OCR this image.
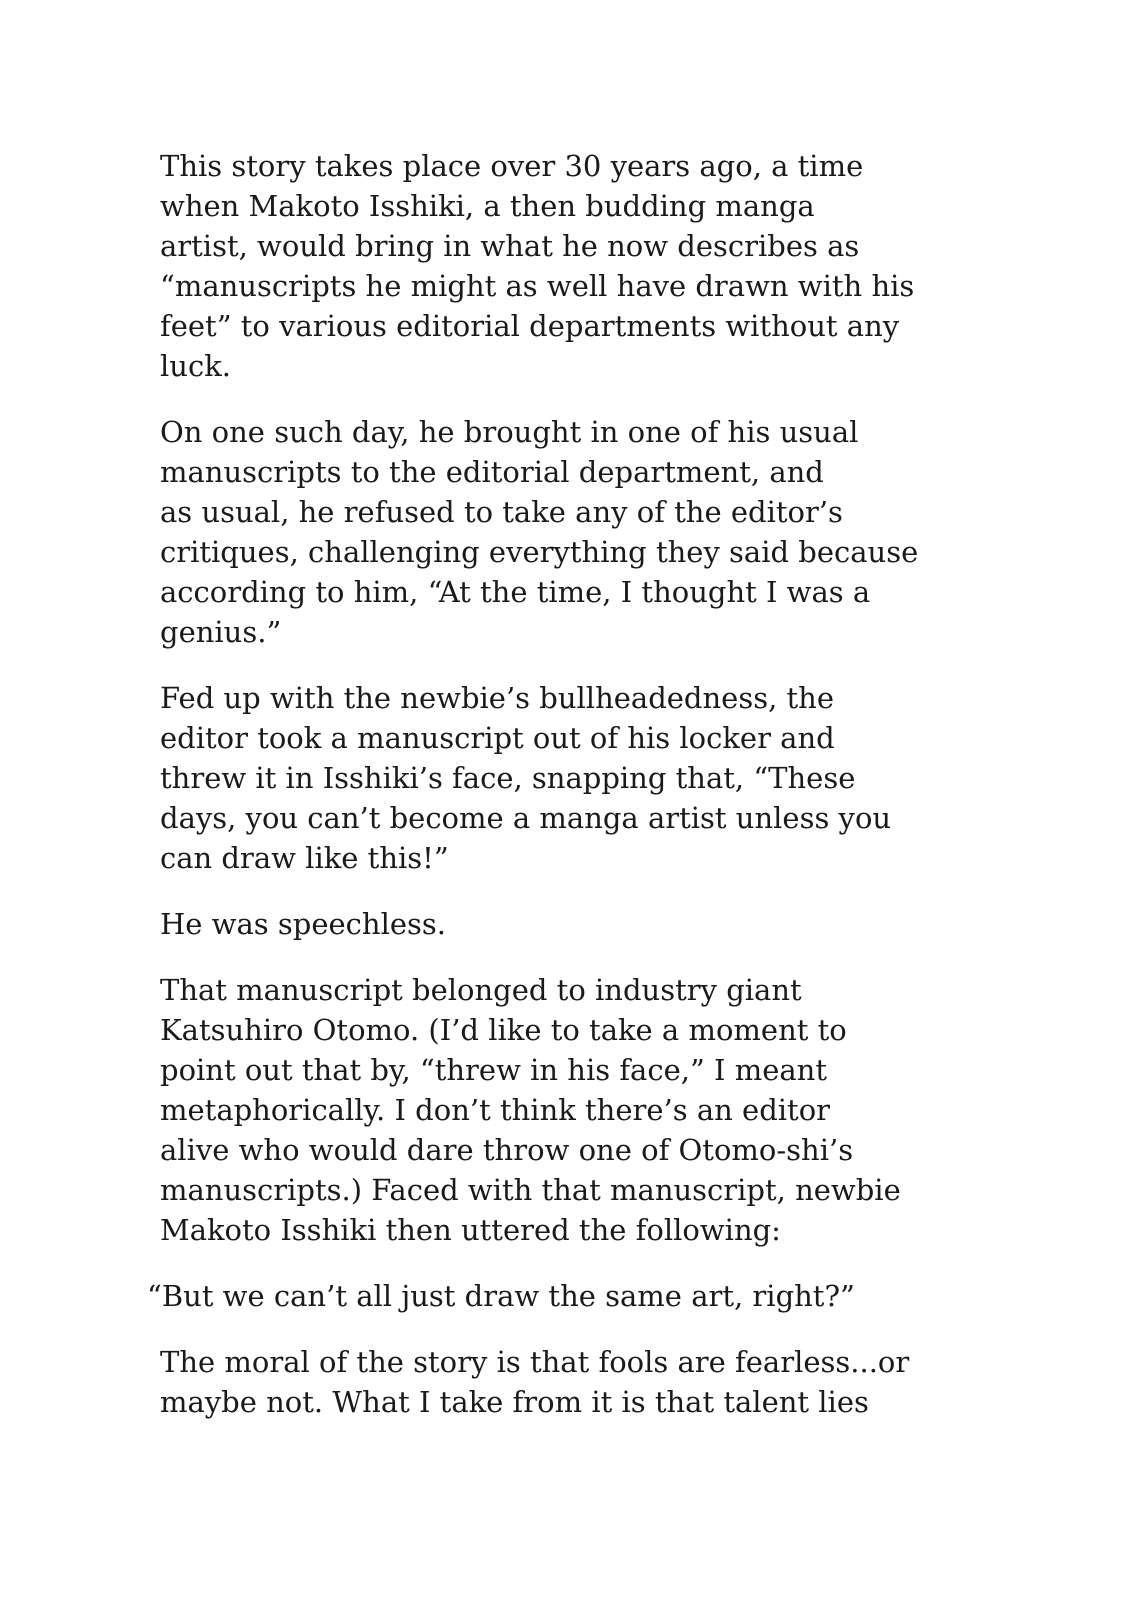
This story takes place over 30 years ago, a time
when Makoto Isshiki, a then budding manga
artist, would bring in what he now describes as
“manuscripts he might as well have drawn with his
feet” to various editorial departments without any
luck.

On one such day, he brought in one of his usual
manuscripts to the editorial department, and
as usual, he refused to take any of the editor’s
critiques, challenging everything they said because
according to him, “At the time, I thought I was a
genius.”

Fed up with the newbie’s bullheadedness, the
editor took a manuscript out of his locker and
threw it in Isshiki’s face, snapping that, “These
days, you can’t become a manga artist unless you
can draw like this!”

He was speechless.

That manuscript belonged to industry giant
Katsuhiro Otomo. (I’d like to take a moment to
point out that by, “threw in his face,” I meant
metaphorically. I don’t think there’s an editor
alive who would dare throw one of Otomo-shi’s
manuscripts.) Faced with that manuscript, newbie
Makoto Isshiki then uttered the following:

“But we can’t all just draw the same art, right?”

The moral of the story is that fools are fearless...or
maybe not. What I take from it is that talent lies
